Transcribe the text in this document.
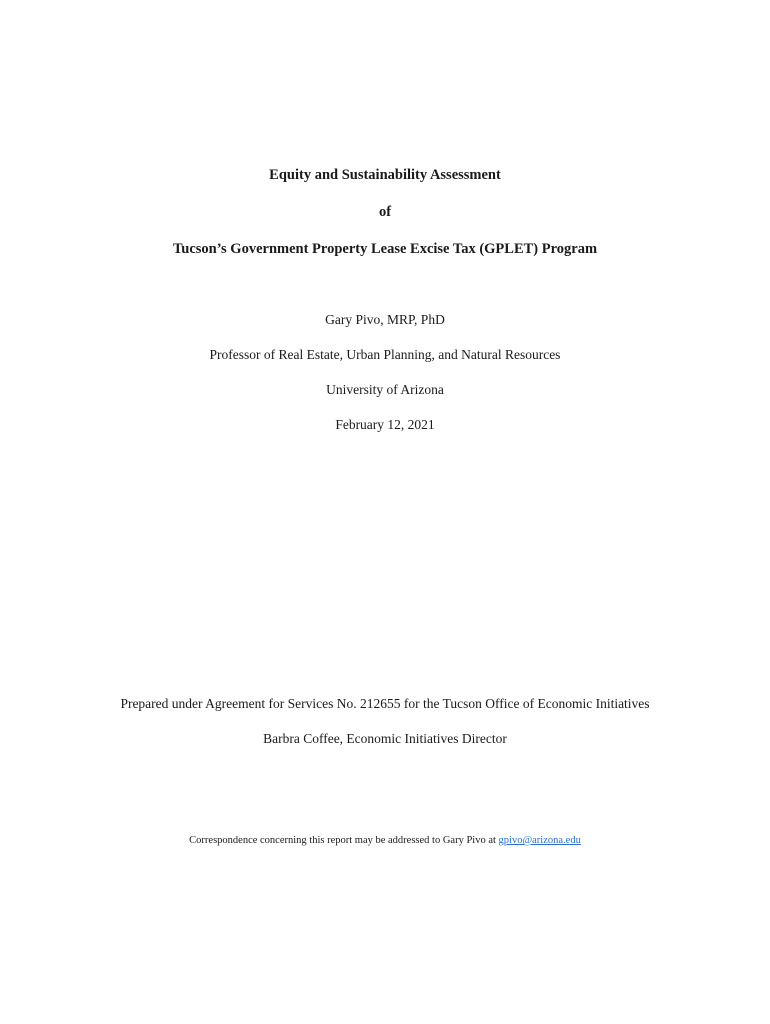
Equity and Sustainability Assessment
of
Tucson’s Government Property Lease Excise Tax (GPLET) Program
Gary Pivo, MRP, PhD
Professor of Real Estate, Urban Planning, and Natural Resources
University of Arizona
February 12, 2021
Prepared under Agreement for Services No. 212655 for the Tucson Office of Economic Initiatives
Barbra Coffee, Economic Initiatives Director
Correspondence concerning this report may be addressed to Gary Pivo at gpivo@arizona.edu
